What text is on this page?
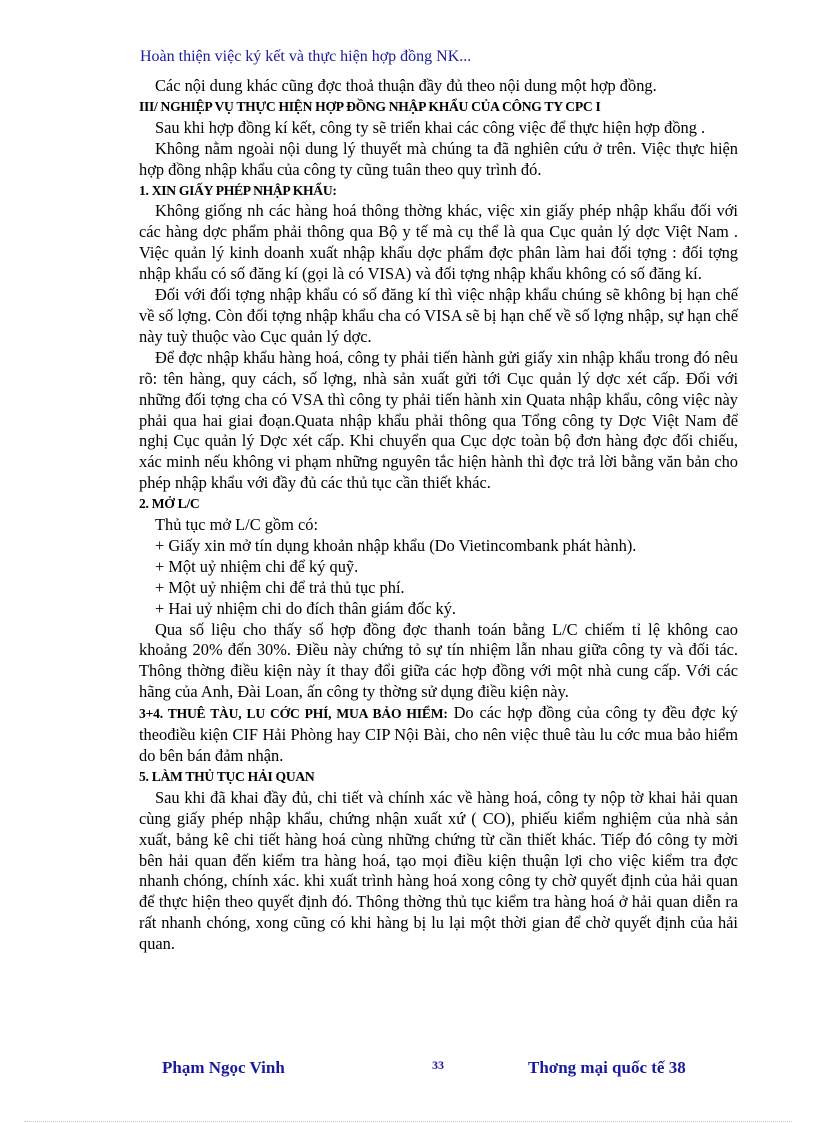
Hoàn thiện việc ký kết và thực hiện hợp đồng NK...

Các nội dung khác cũng đợc thoả thuận đầy đủ theo nội dung một hợp đồng.

III/ NGHIỆP VỤ THỰC HIỆN HỢP ĐỒNG NHẬP KHẨU CỦA CÔNG TY CPC I

Sau khi hợp đồng kí kết, công ty sẽ triển khai các công việc để thực hiện hợp đồng .

Không nằm ngoài nội dung lý thuyết mà chúng ta đã nghiên cứu ở trên. Việc thực hiện hợp đồng nhập khẩu của công ty cũng tuân theo quy trình đó.

1. XIN GIẤY PHÉP NHẬP KHẨU:

Không giống nh các hàng hoá thông thờng khác, việc xin giấy phép nhập khẩu đối với các hàng dợc phẩm phải thông qua Bộ y tế mà cụ thể là qua Cục quản lý dợc Việt Nam . Việc quản lý kinh doanh xuất nhập khẩu dợc phẩm đợc phân làm hai đối tợng : đối tợng nhập khẩu có số đăng kí (gọi là có VISA) và đối tợng nhập khẩu không có số đăng kí.

Đối với đối tợng nhập khẩu có số đăng kí thì việc nhập khẩu chúng sẽ không bị hạn chế về số lợng. Còn đối tợng nhập khẩu cha có VISA sẽ bị hạn chế về số lợng nhập, sự hạn chế này tuỳ thuộc vào Cục quản lý dợc.

Để đợc nhập khẩu hàng hoá, công ty phải tiến hành gửi giấy xin nhập khẩu trong đó nêu rõ: tên hàng, quy cách, số lợng, nhà sản xuất gửi tới Cục quản lý dợc xét cấp. Đối với những đối tợng cha có VSA thì công ty phải tiến hành xin Quata nhập khẩu, công việc này phải qua hai giai đoạn.Quata nhập khẩu phải thông qua Tổng công ty Dợc Việt Nam để nghị Cục quản lý Dợc xét cấp. Khi chuyển qua Cục dợc toàn bộ đơn hàng đợc đối chiếu, xác minh nếu không vi phạm những nguyên tắc hiện hành thì đợc trả lời bằng văn bản cho phép nhập khẩu với đầy đủ các thủ tục cần thiết khác.

2. MỞ L/C

Thủ tục mở L/C gồm có:

+ Giấy xin mở tín dụng khoản nhập khẩu (Do Vietincombank phát hành).

+ Một uỷ nhiệm chi để ký quỹ.

+ Một uỷ nhiệm chi để trả thủ tục phí.

+ Hai uỷ nhiệm chi do đích thân giám đốc ký.

Qua số liệu cho thấy số hợp đồng đợc thanh toán bằng L/C chiếm tỉ lệ không cao khoảng 20% đến 30%. Điều này chứng tỏ sự tín nhiệm lẫn nhau giữa công ty và đối tác. Thông thờng điều kiện này ít thay đổi giữa các hợp đồng với một nhà cung cấp. Với các hãng của Anh, Đài Loan, ấn công ty thờng sử dụng điều kiện này.

3+4. THUÊ TÀU, LU CỚC PHÍ, MUA BẢO HIỂM: Do các hợp đồng của công ty đều đợc ký theođiều kiện CIF Hải Phòng hay CIP Nội Bài, cho nên việc thuê tàu lu cớc mua bảo hiểm do bên bán đảm nhận.

5. LÀM THỦ TỤC HẢI QUAN

Sau khi đã khai đầy đủ, chi tiết và chính xác về hàng hoá, công ty nộp tờ khai hải quan cùng giấy phép nhập khẩu, chứng nhận xuất xứ ( CO), phiếu kiểm nghiệm của nhà sản xuất, bảng kê chi tiết hàng hoá cùng những chứng từ cần thiết khác. Tiếp đó công ty mời bên hải quan đến kiểm tra hàng hoá, tạo mọi điều kiện thuận lợi cho việc kiểm tra đợc nhanh chóng, chính xác. khi xuất trình hàng hoá xong công ty chờ quyết định của hải quan để thực hiện theo quyết định đó. Thông thờng thủ tục kiểm tra hàng hoá ở hải quan diễn ra rất nhanh chóng, xong cũng có khi hàng bị lu lại một thời gian để chờ quyết định của hải quan.

Phạm Ngọc Vinh	33	Thơng mại quốc tế 38
